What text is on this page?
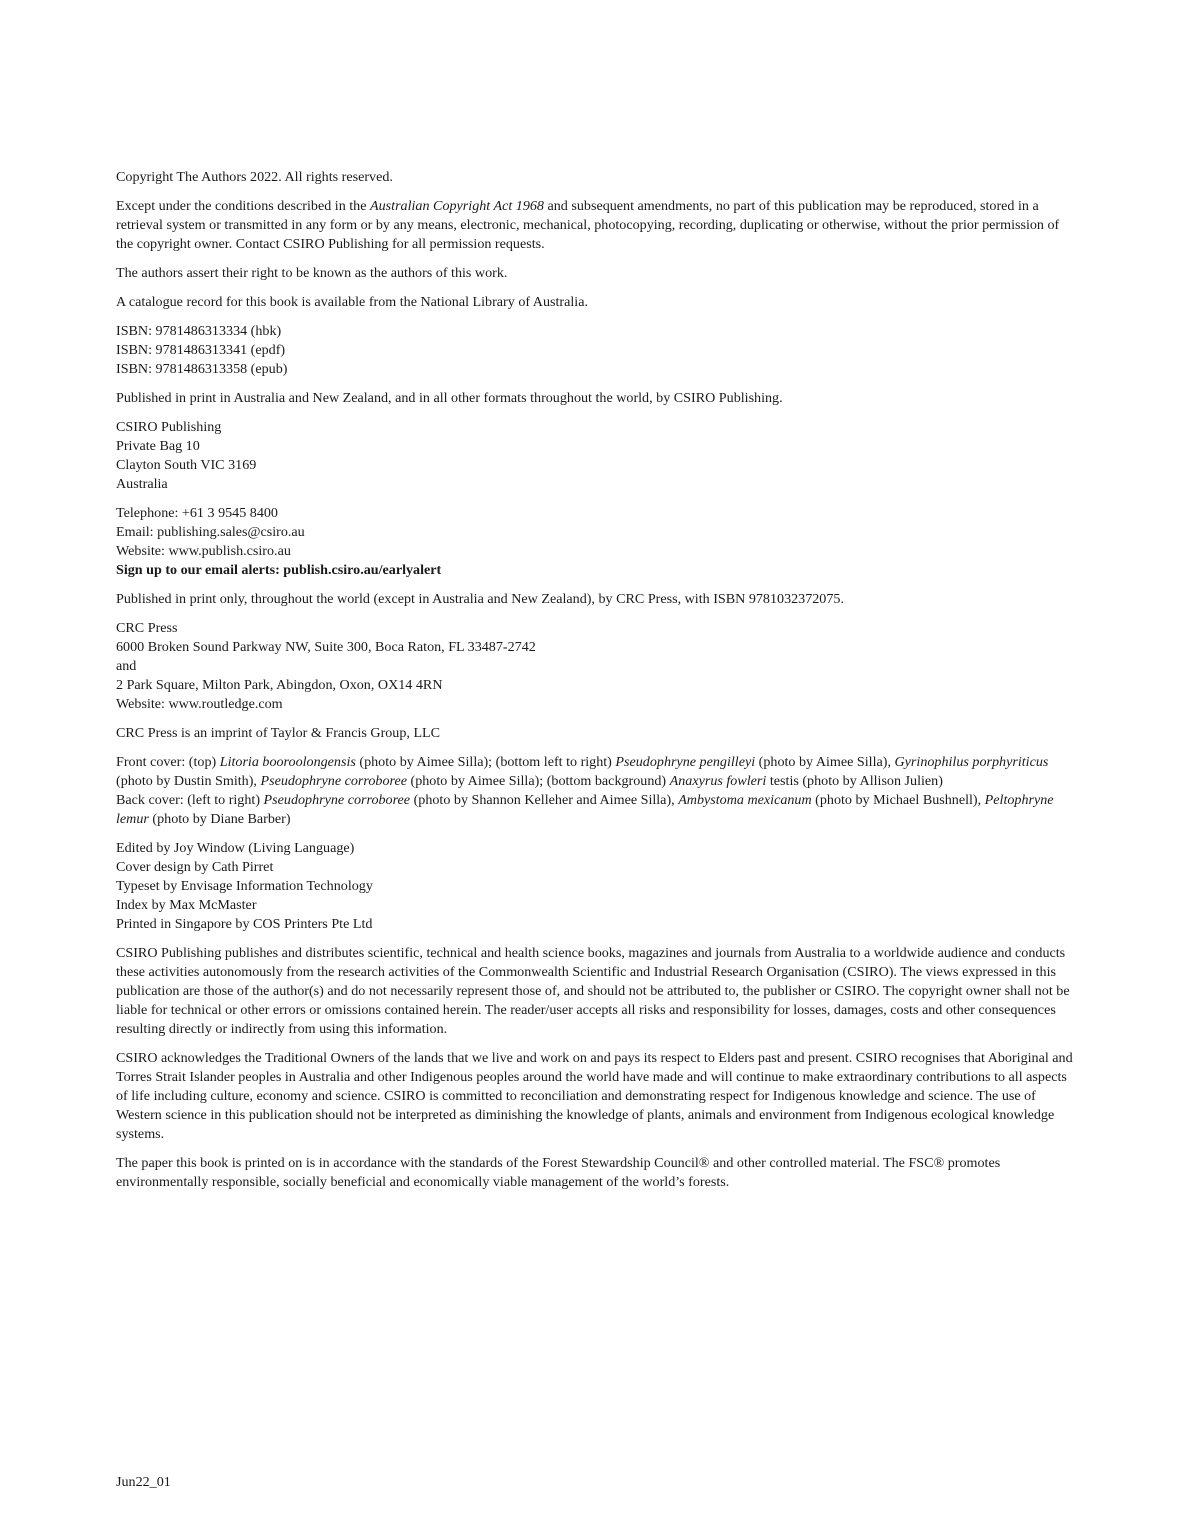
Copyright The Authors 2022. All rights reserved.

Except under the conditions described in the Australian Copyright Act 1968 and subsequent amendments, no part of this publication may be reproduced, stored in a retrieval system or transmitted in any form or by any means, electronic, mechanical, photocopying, recording, duplicating or otherwise, without the prior permission of the copyright owner. Contact CSIRO Publishing for all permission requests.

The authors assert their right to be known as the authors of this work.

A catalogue record for this book is available from the National Library of Australia.

ISBN: 9781486313334 (hbk)
ISBN: 9781486313341 (epdf)
ISBN: 9781486313358 (epub)

Published in print in Australia and New Zealand, and in all other formats throughout the world, by CSIRO Publishing.

CSIRO Publishing
Private Bag 10
Clayton South VIC 3169
Australia

Telephone: +61 3 9545 8400
Email: publishing.sales@csiro.au
Website: www.publish.csiro.au
Sign up to our email alerts: publish.csiro.au/earlyalert

Published in print only, throughout the world (except in Australia and New Zealand), by CRC Press, with ISBN 9781032372075.

CRC Press
6000 Broken Sound Parkway NW, Suite 300, Boca Raton, FL 33487-2742
and
2 Park Square, Milton Park, Abingdon, Oxon, OX14 4RN
Website: www.routledge.com

CRC Press is an imprint of Taylor & Francis Group, LLC

Front cover: (top) Litoria booroolongensis (photo by Aimee Silla); (bottom left to right) Pseudophryne pengilleyi (photo by Aimee Silla), Gyrinophilus porphyriticus (photo by Dustin Smith), Pseudophryne corroboree (photo by Aimee Silla); (bottom background) Anaxyrus fowleri testis (photo by Allison Julien)
Back cover: (left to right) Pseudophryne corroboree (photo by Shannon Kelleher and Aimee Silla), Ambystoma mexicanum (photo by Michael Bushnell), Peltophryne lemur (photo by Diane Barber)

Edited by Joy Window (Living Language)
Cover design by Cath Pirret
Typeset by Envisage Information Technology
Index by Max McMaster
Printed in Singapore by COS Printers Pte Ltd

CSIRO Publishing publishes and distributes scientific, technical and health science books, magazines and journals from Australia to a worldwide audience and conducts these activities autonomously from the research activities of the Commonwealth Scientific and Industrial Research Organisation (CSIRO). The views expressed in this publication are those of the author(s) and do not necessarily represent those of, and should not be attributed to, the publisher or CSIRO. The copyright owner shall not be liable for technical or other errors or omissions contained herein. The reader/user accepts all risks and responsibility for losses, damages, costs and other consequences resulting directly or indirectly from using this information.

CSIRO acknowledges the Traditional Owners of the lands that we live and work on and pays its respect to Elders past and present. CSIRO recognises that Aboriginal and Torres Strait Islander peoples in Australia and other Indigenous peoples around the world have made and will continue to make extraordinary contributions to all aspects of life including culture, economy and science. CSIRO is committed to reconciliation and demonstrating respect for Indigenous knowledge and science. The use of Western science in this publication should not be interpreted as diminishing the knowledge of plants, animals and environment from Indigenous ecological knowledge systems.

The paper this book is printed on is in accordance with the standards of the Forest Stewardship Council® and other controlled material. The FSC® promotes environmentally responsible, socially beneficial and economically viable management of the world’s forests.

Jun22_01
